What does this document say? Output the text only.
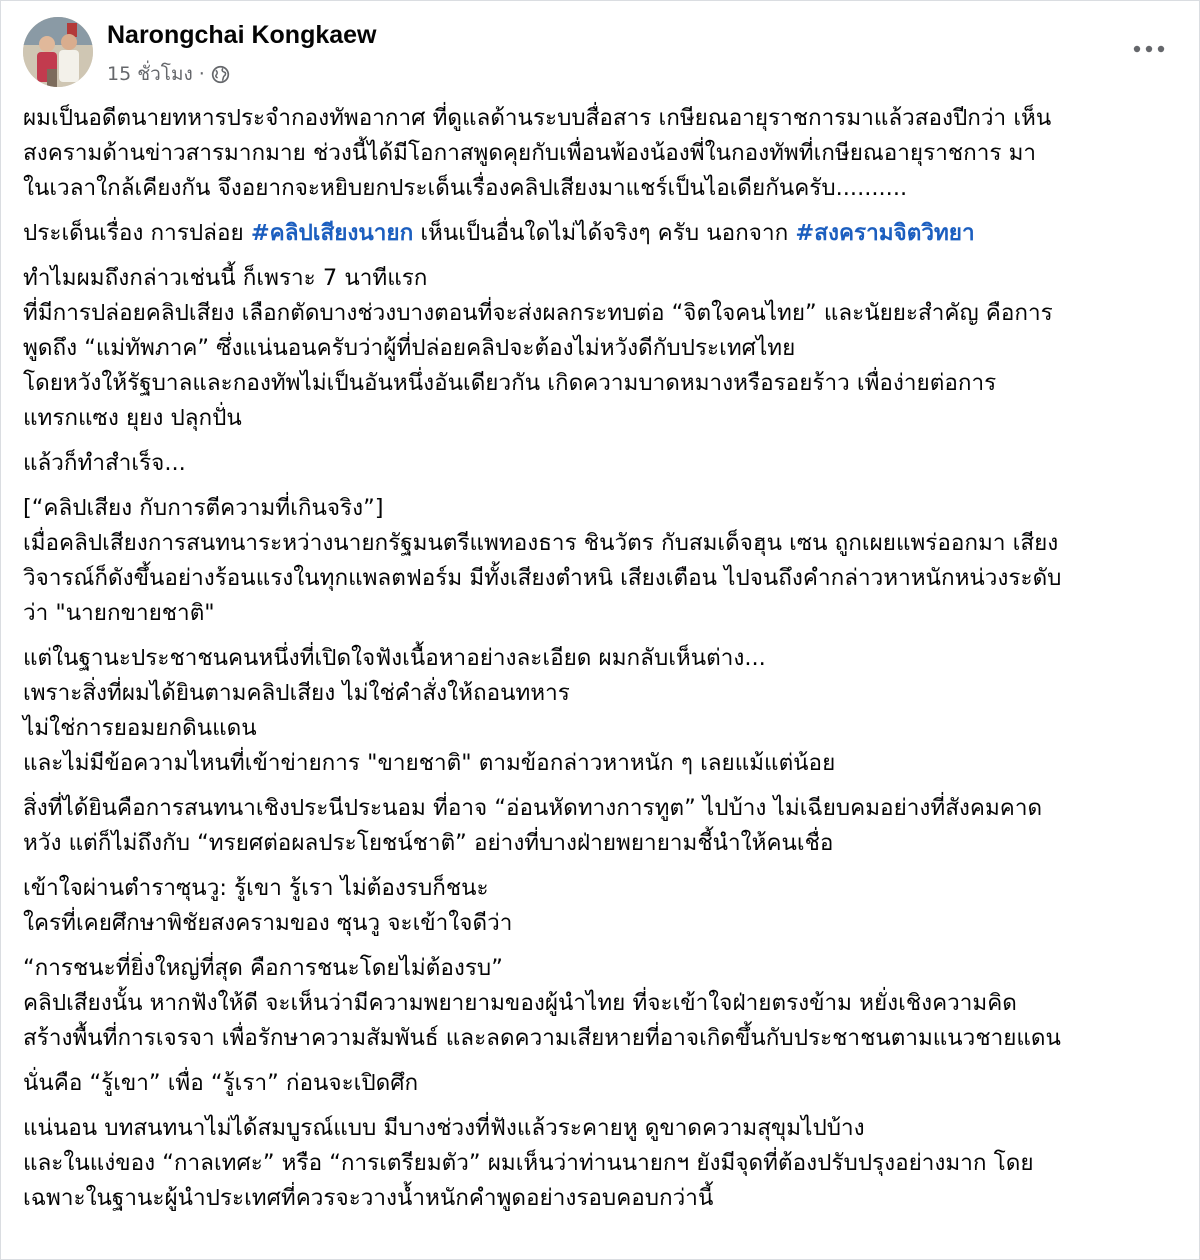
Narongchai Kongkaew
15 ชั่วโมง ·
ผมเป็นอดีตนายทหารประจำกองทัพอากาศ ที่ดูแลด้านระบบสื่อสาร เกษียณอายุราชการมาแล้วสองปีกว่า เห็น
สงครามด้านข่าวสารมากมาย ช่วงนี้ได้มีโอกาสพูดคุยกับเพื่อนพ้องน้องพี่ในกองทัพที่เกษียณอายุราชการ มา
ในเวลาใกล้เคียงกัน จึงอยากจะหยิบยกประเด็นเรื่องคลิปเสียงมาแชร์เป็นไอเดียกันครับ..........
ประเด็นเรื่อง การปล่อย #คลิปเสียงนายก เห็นเป็นอื่นใดไม่ได้จริงๆ ครับ นอกจาก #สงครามจิตวิทยา
ทำไมผมถึงกล่าวเช่นนี้ ก็เพราะ 7 นาทีแรก
ที่มีการปล่อยคลิปเสียง เลือกตัดบางช่วงบางตอนที่จะส่งผลกระทบต่อ “จิตใจคนไทย” และนัยยะสำคัญ คือการ
พูดถึง “แม่ทัพภาค” ซึ่งแน่นอนครับว่าผู้ที่ปล่อยคลิปจะต้องไม่หวังดีกับประเทศไทย
โดยหวังให้รัฐบาลและกองทัพไม่เป็นอันหนึ่งอันเดียวกัน เกิดความบาดหมางหรือรอยร้าว เพื่อง่ายต่อการ
แทรกแซง ยุยง ปลุกปั่น
แล้วก็ทำสำเร็จ...
[“คลิปเสียง กับการตีความที่เกินจริง”]
เมื่อคลิปเสียงการสนทนาระหว่างนายกรัฐมนตรีแพทองธาร ชินวัตร กับสมเด็จฮุน เซน ถูกเผยแพร่ออกมา เสียง
วิจารณ์ก็ดังขึ้นอย่างร้อนแรงในทุกแพลตฟอร์ม มีทั้งเสียงตำหนิ เสียงเตือน ไปจนถึงคำกล่าวหาหนักหน่วงระดับ
ว่า "นายกขายชาติ"
แต่ในฐานะประชาชนคนหนึ่งที่เปิดใจฟังเนื้อหาอย่างละเอียด ผมกลับเห็นต่าง...
เพราะสิ่งที่ผมได้ยินตามคลิปเสียง ไม่ใช่คำสั่งให้ถอนทหาร
ไม่ใช่การยอมยกดินแดน
และไม่มีข้อความไหนที่เข้าข่ายการ "ขายชาติ" ตามข้อกล่าวหาหนัก ๆ เลยแม้แต่น้อย
สิ่งที่ได้ยินคือการสนทนาเชิงประนีประนอม ที่อาจ “อ่อนหัดทางการทูต” ไปบ้าง ไม่เฉียบคมอย่างที่สังคมคาด
หวัง แต่ก็ไม่ถึงกับ “ทรยศต่อผลประโยชน์ชาติ” อย่างที่บางฝ่ายพยายามชี้นำให้คนเชื่อ
เข้าใจผ่านตำราซุนวู: รู้เขา รู้เรา ไม่ต้องรบก็ชนะ
ใครที่เคยศึกษาพิชัยสงครามของ ซุนวู จะเข้าใจดีว่า
“การชนะที่ยิ่งใหญ่ที่สุด คือการชนะโดยไม่ต้องรบ”
คลิปเสียงนั้น หากฟังให้ดี จะเห็นว่ามีความพยายามของผู้นำไทย ที่จะเข้าใจฝ่ายตรงข้าม หยั่งเชิงความคิด
สร้างพื้นที่การเจรจา เพื่อรักษาความสัมพันธ์ และลดความเสียหายที่อาจเกิดขึ้นกับประชาชนตามแนวชายแดน
นั่นคือ “รู้เขา” เพื่อ “รู้เรา” ก่อนจะเปิดศึก
แน่นอน บทสนทนาไม่ได้สมบูรณ์แบบ มีบางช่วงที่ฟังแล้วระคายหู ดูขาดความสุขุมไปบ้าง
และในแง่ของ “กาลเทศะ” หรือ “การเตรียมตัว” ผมเห็นว่าท่านนายกฯ ยังมีจุดที่ต้องปรับปรุงอย่างมาก โดย
เฉพาะในฐานะผู้นำประเทศที่ควรจะวางน้ำหนักคำพูดอย่างรอบคอบกว่านี้
